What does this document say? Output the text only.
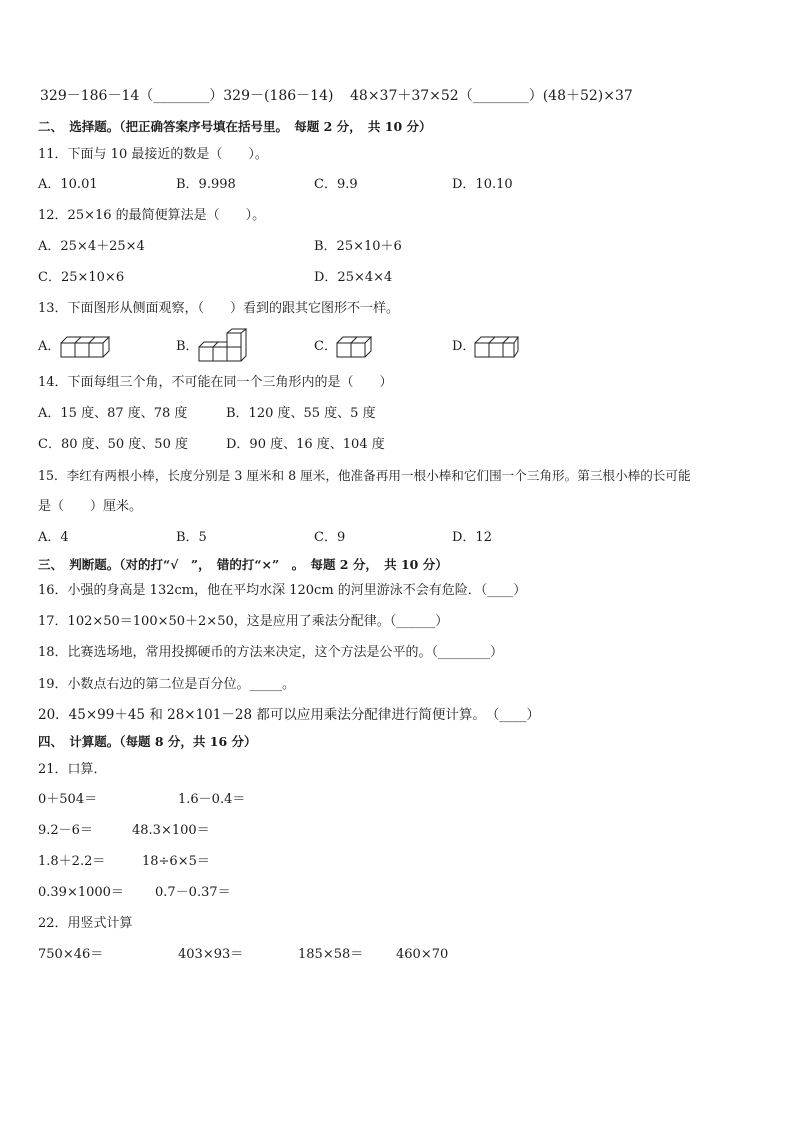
329－186－14（________）329－(186－14) 48×37＋37×52（________）(48＋52)×37
二、　选择题。（把正确答案序号填在括号里。　每题 2 分，　共 10 分）
11．下面与 10 最接近的数是（　　）。
A．10.01	B．9.998	C．9.9	D．10.10
12．25×16 的最简便算法是（　　）。
A．25×4＋25×4	B．25×10＋6
C．25×10×6	D．25×4×4
13．下面图形从侧面观察，（　　）看到的跟其它图形不一样。
A．	B．	C．	D．
14．下面每组三个角，不可能在同一个三角形内的是（　　）
A．15 度、87 度、78 度	B．120 度、55 度、5 度
C．80 度、50 度、50 度	D．90 度、16 度、104 度
15．李红有两根小棒，长度分别是 3 厘米和 8 厘米，他准备再用一根小棒和它们围一个三角形。第三根小棒的长可能
是（　　）厘米。
A．4	B．5	C．9	D．12
三、　判断题。（对的打“√　”，　错的打“×”　。　每题 2 分，　共 10 分）
16．小强的身高是 132cm，他在平均水深 120cm 的河里游泳不会有危险．（____）
17．102×50＝100×50＋2×50，这是应用了乘法分配律。（______）
18．比赛选场地，常用投掷硬币的方法来决定，这个方法是公平的。（________）
19．小数点右边的第二位是百分位。_____。
20．45×99＋45 和 28×101－28 都可以应用乘法分配律进行简便计算。　（____）
四、　计算题。（每题 8 分，共 16 分）
21．口算．
0＋504＝	1.6－0.4＝
9.2－6＝	48.3×100＝
1.8＋2.2＝	18÷6×5＝
0.39×1000＝ 0.7－0.37＝
22．用竖式计算
750×46＝	403×93＝	185×58＝	460×70
